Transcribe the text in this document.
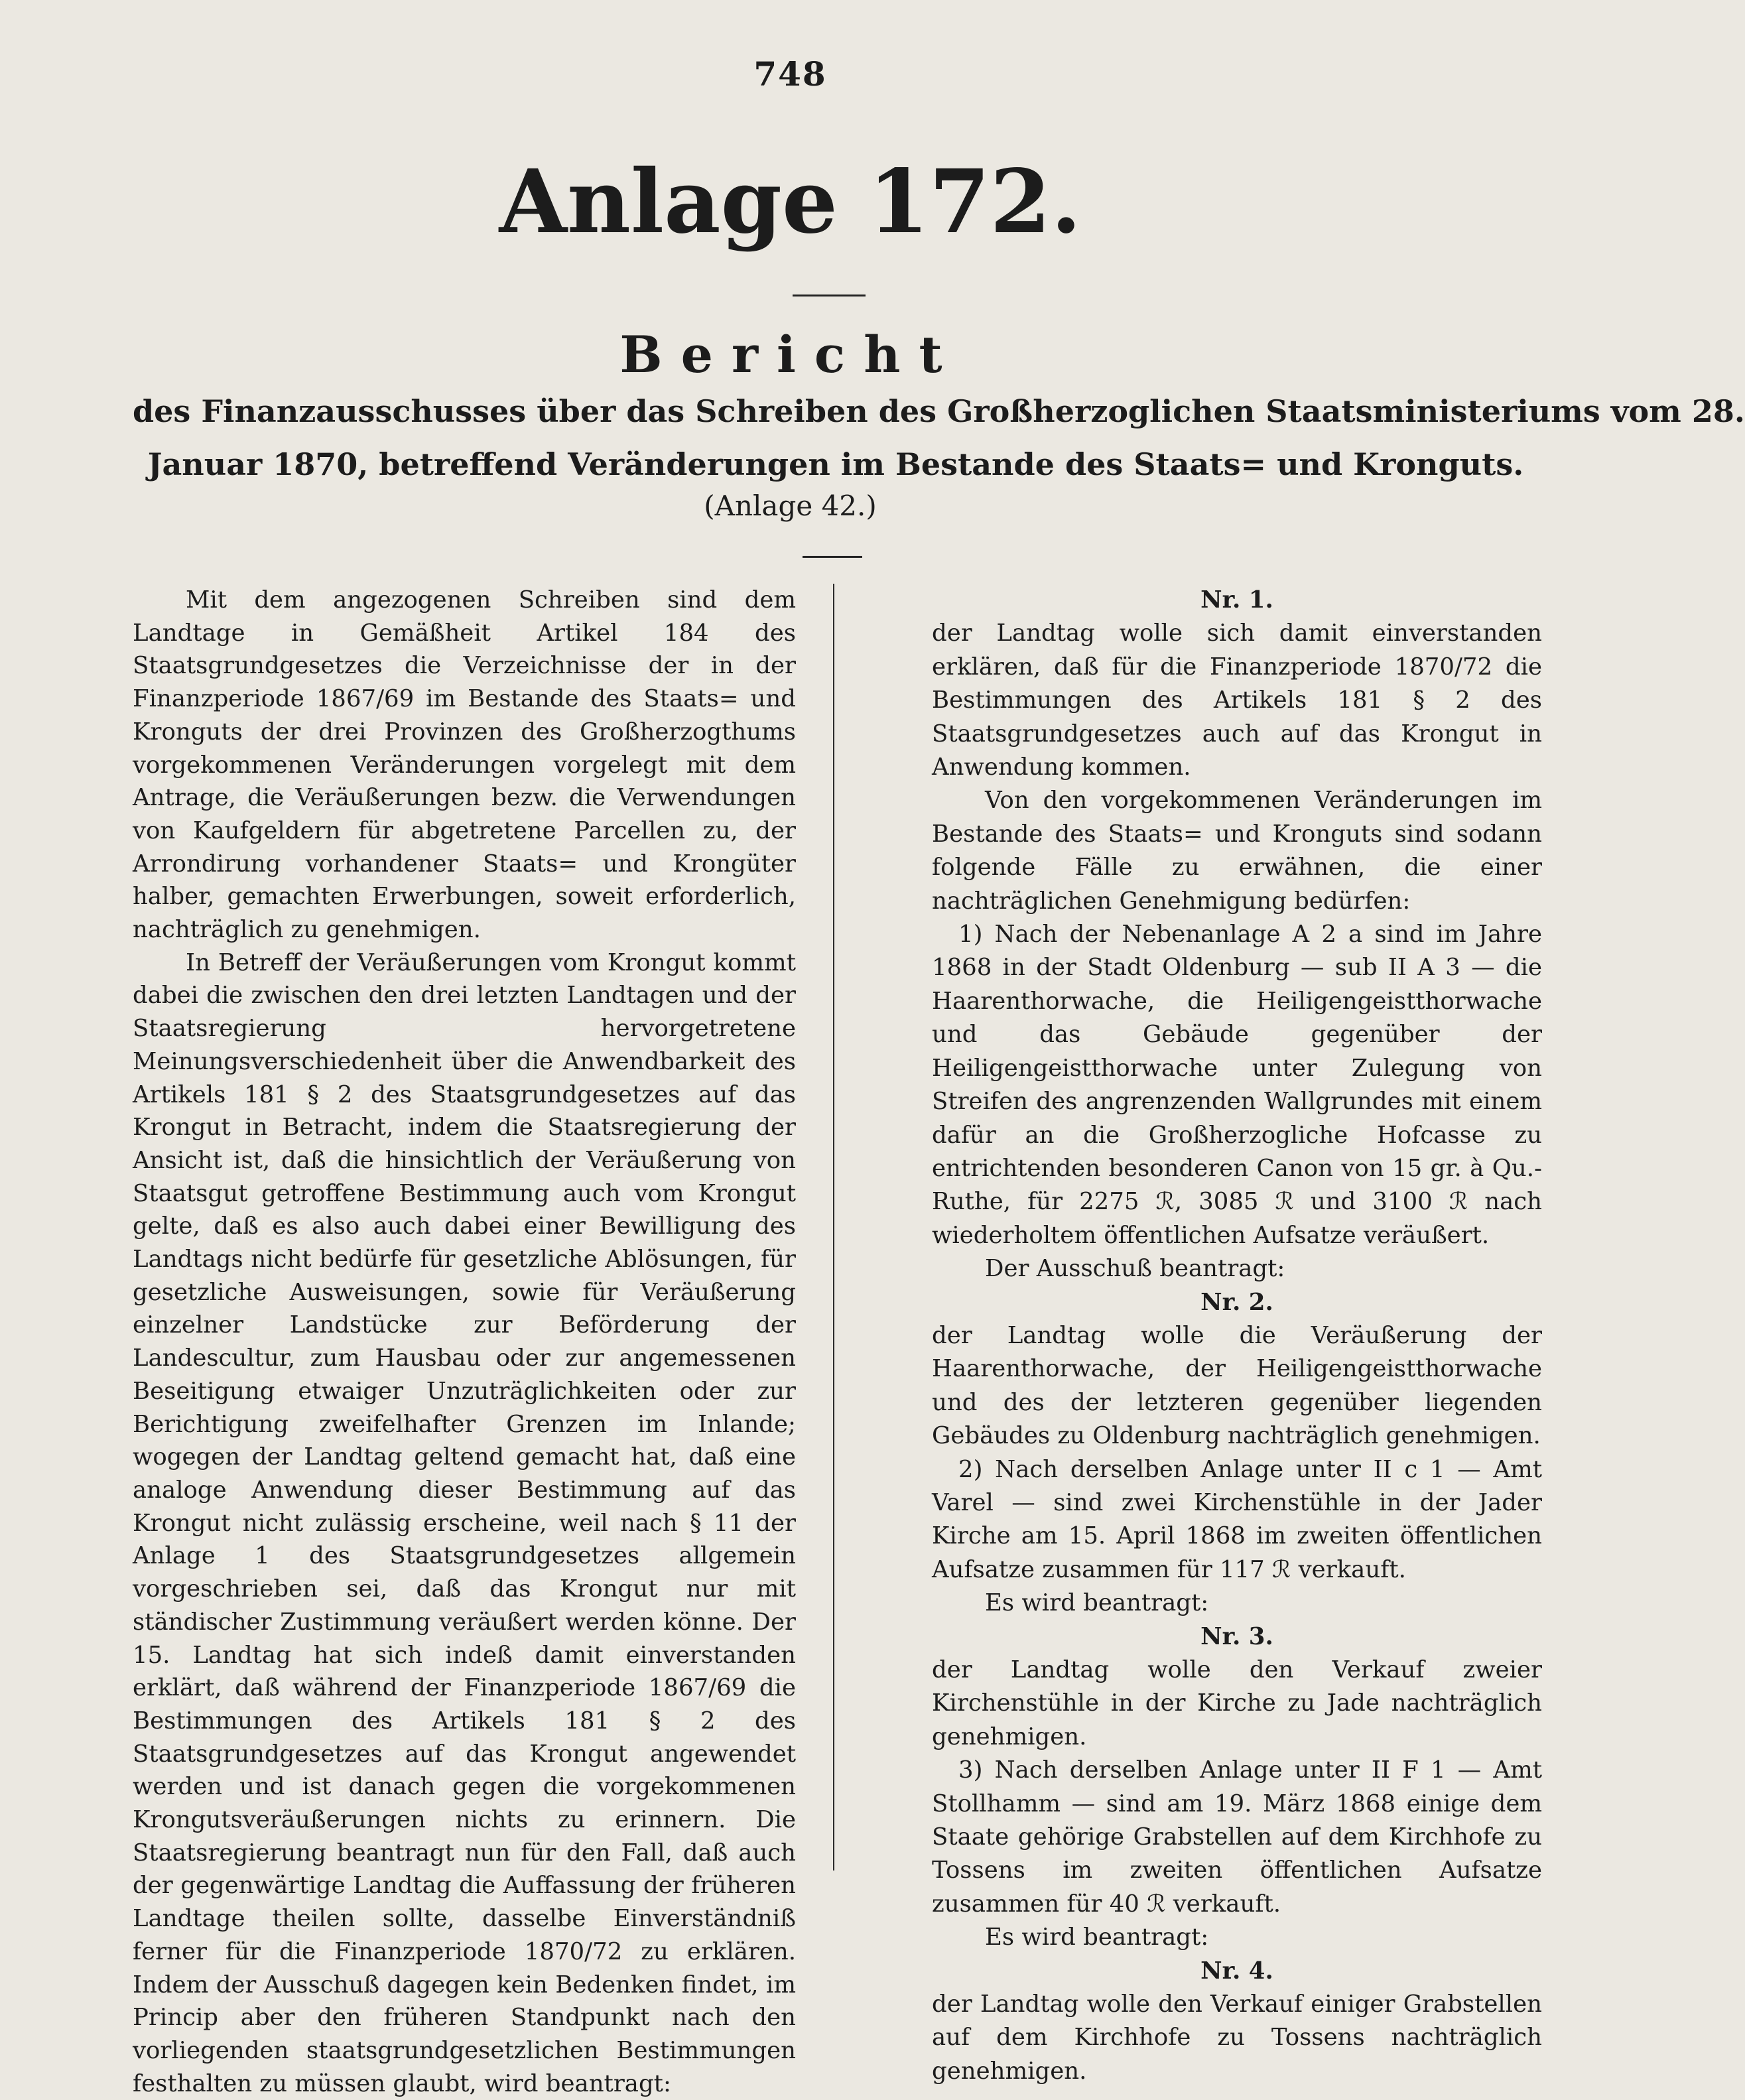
748
Anlage 172.
Bericht
des Finanzausschusses über das Schreiben des Großherzoglichen Staatsministeriums vom 28.
Januar 1870, betreffend Veränderungen im Bestande des Staats= und Kronguts.
(Anlage 42.)

Mit dem angezogenen Schreiben sind dem Landtage in Gemäßheit Artikel 184 des Staatsgrundgesetzes die Verzeichnisse der in der Finanzperiode 1867/69 im Bestande des Staats= und Kronguts der drei Provinzen des Großherzogthums vorgekommenen Veränderungen vorgelegt mit dem Antrage, die Veräußerungen bezw. die Verwendungen von Kaufgeldern für abgetretene Parcellen zu, der Arrondirung vorhandener Staats= und Krongüter halber, gemachten Erwerbungen, soweit erforderlich, nachträglich zu genehmigen.

In Betreff der Veräußerungen vom Krongut kommt dabei die zwischen den drei letzten Landtagen und der Staatsregierung hervorgetretene Meinungsverschiedenheit über die Anwendbarkeit des Artikels 181 § 2 des Staatsgrundgesetzes auf das Krongut in Betracht, indem die Staatsregierung der Ansicht ist, daß die hinsichtlich der Veräußerung von Staatsgut getroffene Bestimmung auch vom Krongut gelte, daß es also auch dabei einer Bewilligung des Landtags nicht bedürfe für gesetzliche Ablösungen, für gesetzliche Ausweisungen, sowie für Veräußerung einzelner Landstücke zur Beförderung der Landescultur, zum Hausbau oder zur angemessenen Beseitigung etwaiger Unzuträglichkeiten oder zur Berichtigung zweifelhafter Grenzen im Inlande; wogegen der Landtag geltend gemacht hat, daß eine analoge Anwendung dieser Bestimmung auf das Krongut nicht zulässig erscheine, weil nach § 11 der Anlage 1 des Staatsgrundgesetzes allgemein vorgeschrieben sei, daß das Krongut nur mit ständischer Zustimmung veräußert werden könne. Der 15. Landtag hat sich indeß damit einverstanden erklärt, daß während der Finanzperiode 1867/69 die Bestimmungen des Artikels 181 § 2 des Staatsgrundgesetzes auf das Krongut angewendet werden und ist danach gegen die vorgekommenen Krongutsveräußerungen nichts zu erinnern. Die Staatsregierung beantragt nun für den Fall, daß auch der gegenwärtige Landtag die Auffassung der früheren Landtage theilen sollte, dasselbe Einverständniß ferner für die Finanzperiode 1870/72 zu erklären. Indem der Ausschuß dagegen kein Bedenken findet, im Princip aber den früheren Standpunkt nach den vorliegenden staatsgrundgesetzlichen Bestimmungen festhalten zu müssen glaubt, wird beantragt:

Nr. 1.

der Landtag wolle sich damit einverstanden erklären, daß für die Finanzperiode 1870/72 die Bestimmungen des Artikels 181 § 2 des Staatsgrundgesetzes auch auf das Krongut in Anwendung kommen.

Von den vorgekommenen Veränderungen im Bestande des Staats= und Kronguts sind sodann folgende Fälle zu erwähnen, die einer nachträglichen Genehmigung bedürfen:

1) Nach der Nebenanlage A 2 a sind im Jahre 1868 in der Stadt Oldenburg — sub II A 3 — die Haarenthorwache, die Heiligengeistthorwache und das Gebäude gegenüber der Heiligengeistthorwache unter Zulegung von Streifen des angrenzenden Wallgrundes mit einem dafür an die Großherzogliche Hofcasse zu entrichtenden besonderen Canon von 15 gr. à Qu.-Ruthe, für 2275 ℛ︀, 3085 ℛ︀ und 3100 ℛ︀ nach wiederholtem öffentlichen Aufsatze veräußert.

Der Ausschuß beantragt:

Nr. 2.

der Landtag wolle die Veräußerung der Haarenthorwache, der Heiligengeistthorwache und des der letzteren gegenüber liegenden Gebäudes zu Oldenburg nachträglich genehmigen.

2) Nach derselben Anlage unter II c 1 — Amt Varel — sind zwei Kirchenstühle in der Jader Kirche am 15. April 1868 im zweiten öffentlichen Aufsatze zusammen für 117 ℛ︀ verkauft.

Es wird beantragt:

Nr. 3.

der Landtag wolle den Verkauf zweier Kirchenstühle in der Kirche zu Jade nachträglich genehmigen.

3) Nach derselben Anlage unter II F 1 — Amt Stollhamm — sind am 19. März 1868 einige dem Staate gehörige Grabstellen auf dem Kirchhofe zu Tossens im zweiten öffentlichen Aufsatze zusammen für 40 ℛ︀ verkauft.

Es wird beantragt:

Nr. 4.

der Landtag wolle den Verkauf einiger Grabstellen auf dem Kirchhofe zu Tossens nachträglich genehmigen.
